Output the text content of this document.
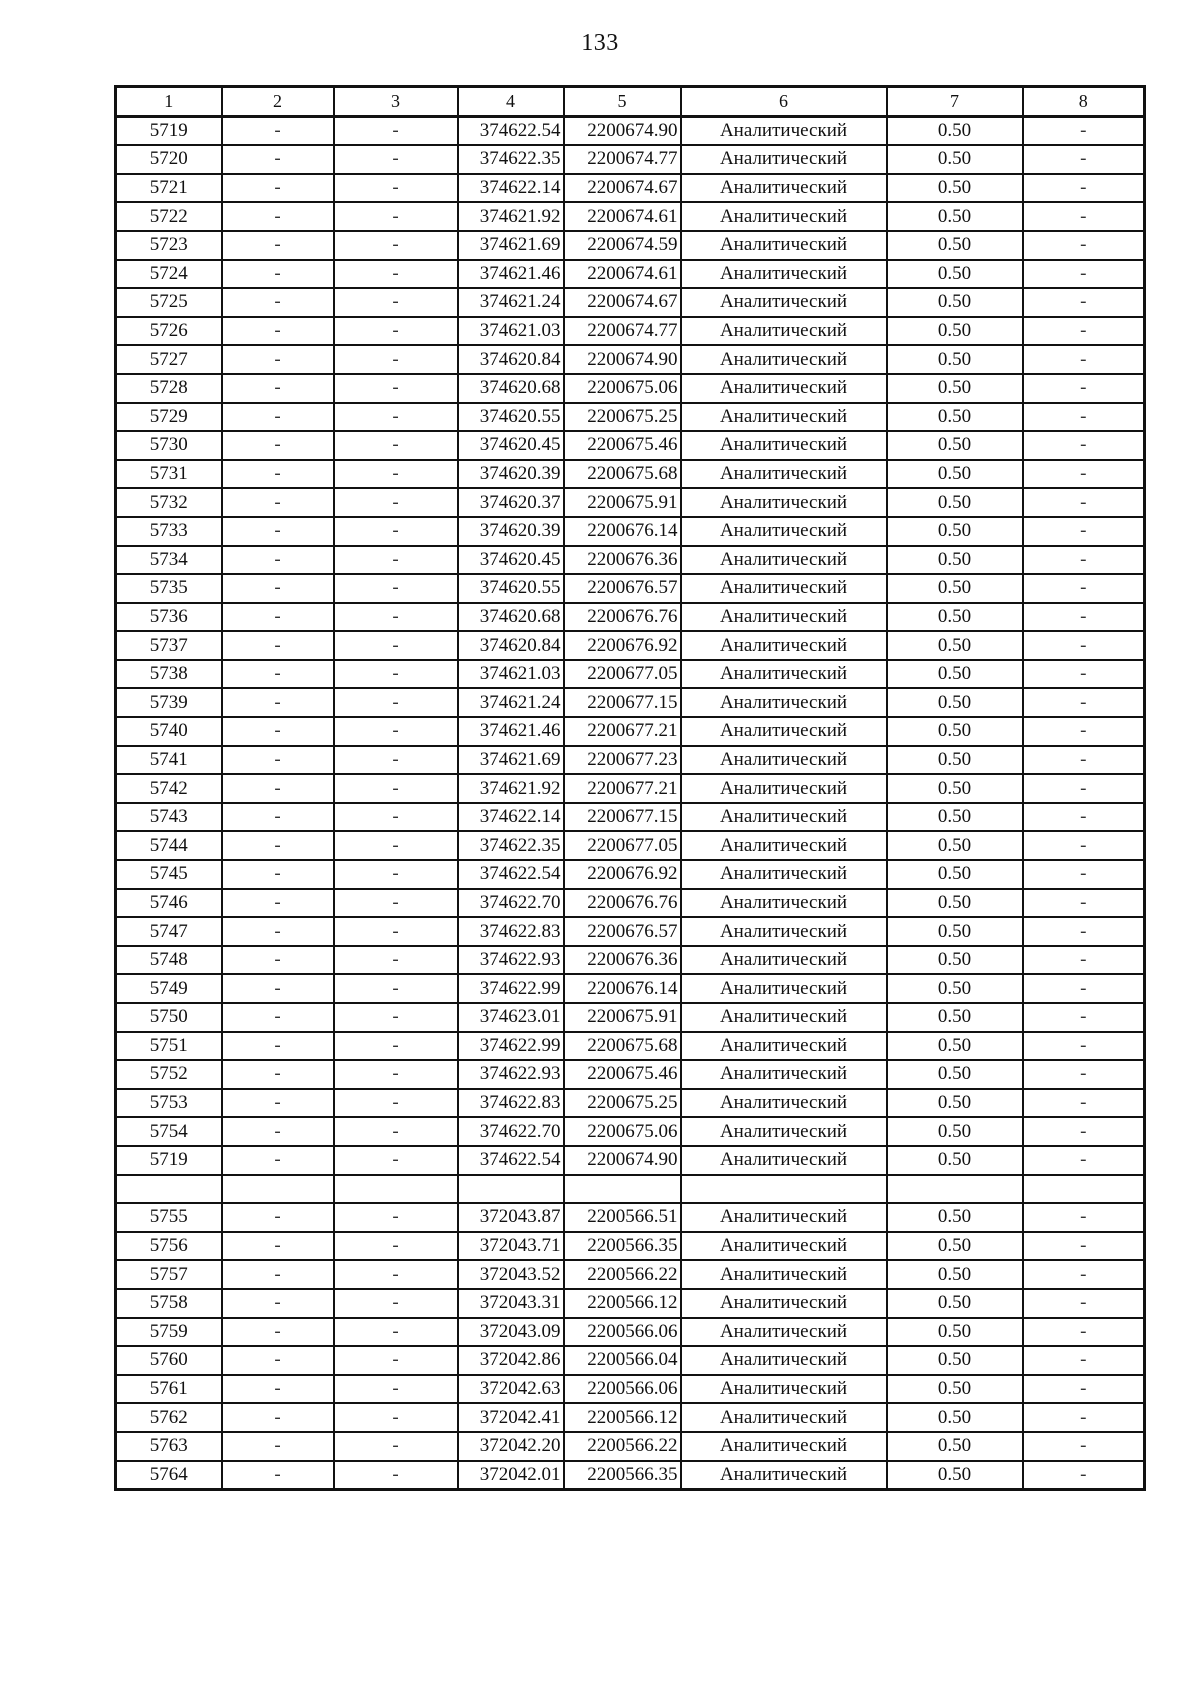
133
1	2	3	4	5	6	7	8
5719	-	-	374622.54	2200674.90	Аналитический	0.50	-
5720	-	-	374622.35	2200674.77	Аналитический	0.50	-
5721	-	-	374622.14	2200674.67	Аналитический	0.50	-
5722	-	-	374621.92	2200674.61	Аналитический	0.50	-
5723	-	-	374621.69	2200674.59	Аналитический	0.50	-
5724	-	-	374621.46	2200674.61	Аналитический	0.50	-
5725	-	-	374621.24	2200674.67	Аналитический	0.50	-
5726	-	-	374621.03	2200674.77	Аналитический	0.50	-
5727	-	-	374620.84	2200674.90	Аналитический	0.50	-
5728	-	-	374620.68	2200675.06	Аналитический	0.50	-
5729	-	-	374620.55	2200675.25	Аналитический	0.50	-
5730	-	-	374620.45	2200675.46	Аналитический	0.50	-
5731	-	-	374620.39	2200675.68	Аналитический	0.50	-
5732	-	-	374620.37	2200675.91	Аналитический	0.50	-
5733	-	-	374620.39	2200676.14	Аналитический	0.50	-
5734	-	-	374620.45	2200676.36	Аналитический	0.50	-
5735	-	-	374620.55	2200676.57	Аналитический	0.50	-
5736	-	-	374620.68	2200676.76	Аналитический	0.50	-
5737	-	-	374620.84	2200676.92	Аналитический	0.50	-
5738	-	-	374621.03	2200677.05	Аналитический	0.50	-
5739	-	-	374621.24	2200677.15	Аналитический	0.50	-
5740	-	-	374621.46	2200677.21	Аналитический	0.50	-
5741	-	-	374621.69	2200677.23	Аналитический	0.50	-
5742	-	-	374621.92	2200677.21	Аналитический	0.50	-
5743	-	-	374622.14	2200677.15	Аналитический	0.50	-
5744	-	-	374622.35	2200677.05	Аналитический	0.50	-
5745	-	-	374622.54	2200676.92	Аналитический	0.50	-
5746	-	-	374622.70	2200676.76	Аналитический	0.50	-
5747	-	-	374622.83	2200676.57	Аналитический	0.50	-
5748	-	-	374622.93	2200676.36	Аналитический	0.50	-
5749	-	-	374622.99	2200676.14	Аналитический	0.50	-
5750	-	-	374623.01	2200675.91	Аналитический	0.50	-
5751	-	-	374622.99	2200675.68	Аналитический	0.50	-
5752	-	-	374622.93	2200675.46	Аналитический	0.50	-
5753	-	-	374622.83	2200675.25	Аналитический	0.50	-
5754	-	-	374622.70	2200675.06	Аналитический	0.50	-
5719	-	-	374622.54	2200674.90	Аналитический	0.50	-

5755	-	-	372043.87	2200566.51	Аналитический	0.50	-
5756	-	-	372043.71	2200566.35	Аналитический	0.50	-
5757	-	-	372043.52	2200566.22	Аналитический	0.50	-
5758	-	-	372043.31	2200566.12	Аналитический	0.50	-
5759	-	-	372043.09	2200566.06	Аналитический	0.50	-
5760	-	-	372042.86	2200566.04	Аналитический	0.50	-
5761	-	-	372042.63	2200566.06	Аналитический	0.50	-
5762	-	-	372042.41	2200566.12	Аналитический	0.50	-
5763	-	-	372042.20	2200566.22	Аналитический	0.50	-
5764	-	-	372042.01	2200566.35	Аналитический	0.50	-
